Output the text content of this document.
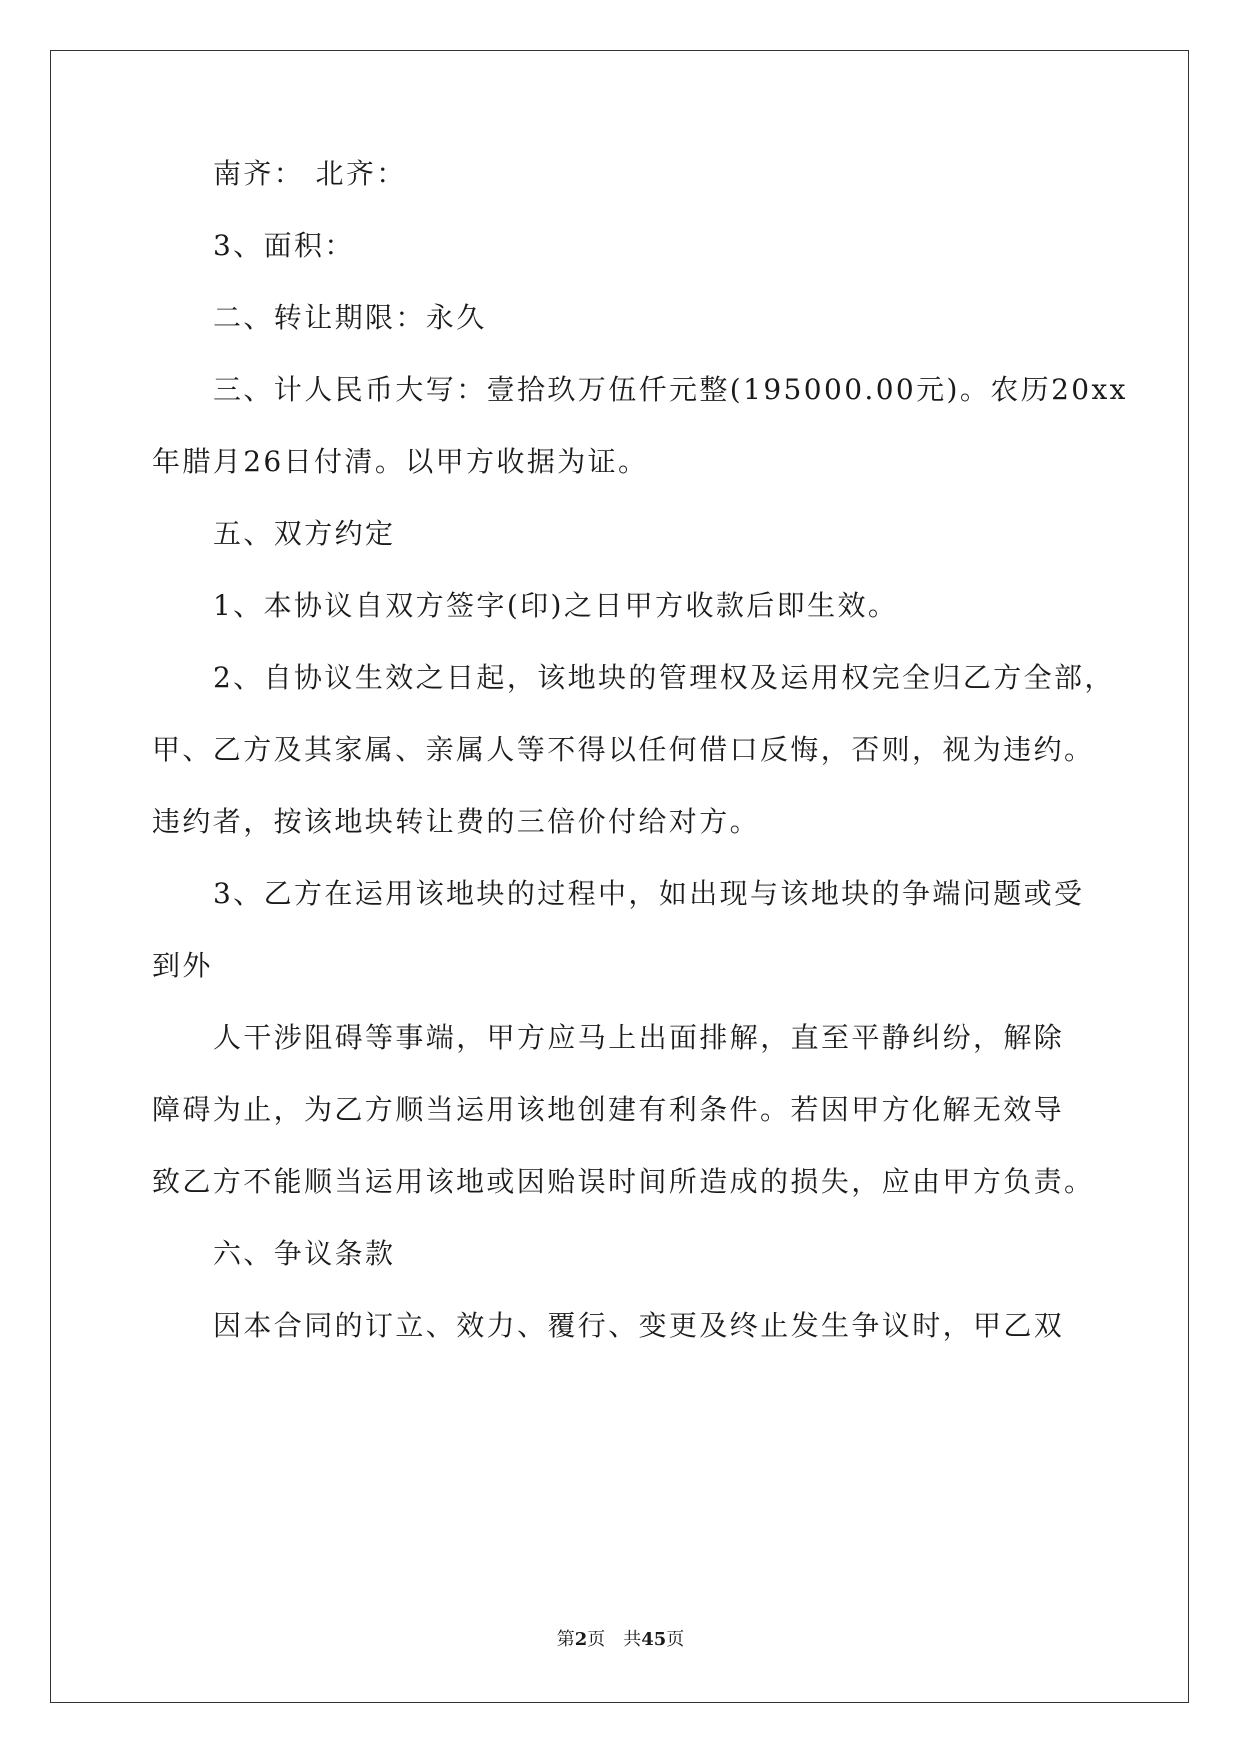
南齐： 北齐：
3、面积：
二、转让期限：永久
三、计人民币大写：壹拾玖万伍仟元整(195000.00元)。农历20xx
年腊月26日付清。以甲方收据为证。
五、双方约定
1、本协议自双方签字(印)之日甲方收款后即生效。
2、自协议生效之日起，该地块的管理权及运用权完全归乙方全部，
甲、乙方及其家属、亲属人等不得以任何借口反悔，否则，视为违约。
违约者，按该地块转让费的三倍价付给对方。
3、乙方在运用该地块的过程中，如出现与该地块的争端问题或受
到外
人干涉阻碍等事端，甲方应马上出面排解，直至平静纠纷，解除
障碍为止，为乙方顺当运用该地创建有利条件。若因甲方化解无效导
致乙方不能顺当运用该地或因贻误时间所造成的损失，应由甲方负责。
六、争议条款
因本合同的订立、效力、覆行、变更及终止发生争议时，甲乙双
第2页 共45页
